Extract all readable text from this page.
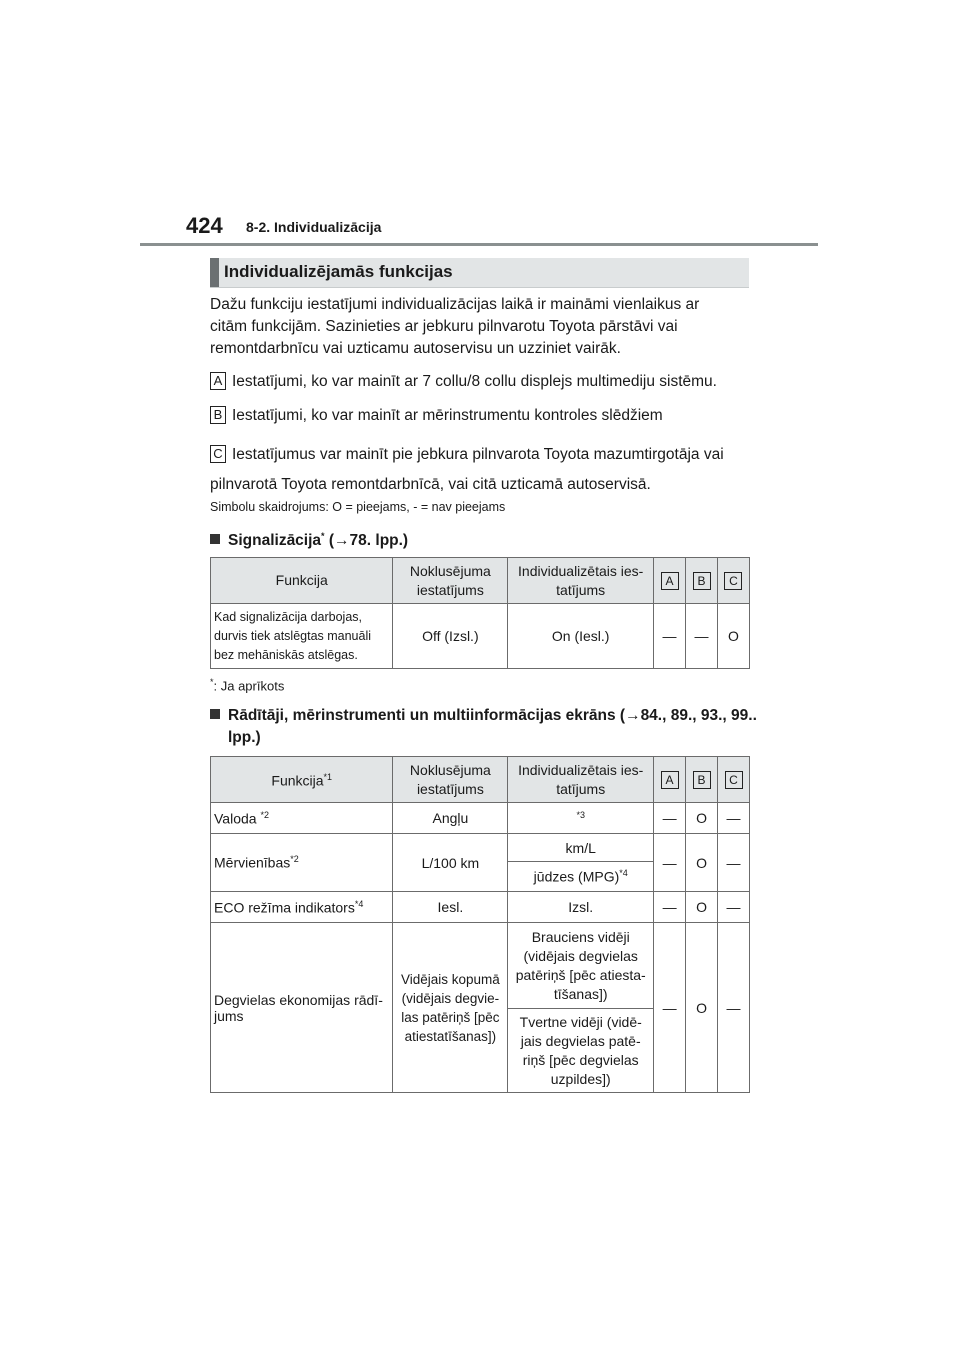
424 8-2. Individualizācija
Individualizējamās funkcijas
Dažu funkciju iestatījumi individualizācijas laikā ir maināmi vienlaikus ar citām funkcijām. Sazinieties ar jebkuru pilnvarotu Toyota pārstāvi vai remontdarbnīcu vai uzticamu autoservisu un uzziniet vairāk.
A Iestatījumi, ko var mainīt ar 7 collu/8 collu displejs multimediju sistēmu.
B Iestatījumi, ko var mainīt ar mērinstrumentu kontroles slēdžiem
C Iestatījumus var mainīt pie jebkura pilnvarota Toyota mazumtirgotāja vai pilnvarotā Toyota remontdarbnīcā, vai citā uzticamā autoservisā.
Simbolu skaidrojums: O = pieejams, - = nav pieejams
Signalizācija* (→78. lpp.)
Funkcija	Noklusējuma iestatījums	Individualizētais ies-tatījums	A	B	C
Kad signalizācija darbojas, durvis tiek atslēgtas manuāli bez mehāniskās atslēgas.	Off (Izsl.)	On (Iesl.)	—	—	O
*: Ja aprīkots
Rādītāji, mērinstrumenti un multiinformācijas ekrāns (→84., 89., 93., 99.. lpp.)
Funkcija$^{*1}$	Noklusējuma iestatījums	Individualizētais ies-tatījums	A	B	C
Valoda $^{*2}$	Angļu	$^{*3}$	—	O	—
Mērvienības$^{*2}$	L/100 km	km/L	—	O	—
		jūdzes (MPG)$^{*4}$
ECO režīma indikators$^{*4}$	Iesl.	Izsl.	—	O	—
Degvielas ekonomijas rādī-jums	Vidējais kopumā (vidējais degvie-las patēriņš [pēc atiestatīšanas])	Brauciens vidēji (vidējais degvielas patēriņš [pēc atiesta-tīšanas])	—	O	—
		Tvertne vidēji (vidē-jais degvielas patē-riņš [pēc degvielas uzpildes])			
